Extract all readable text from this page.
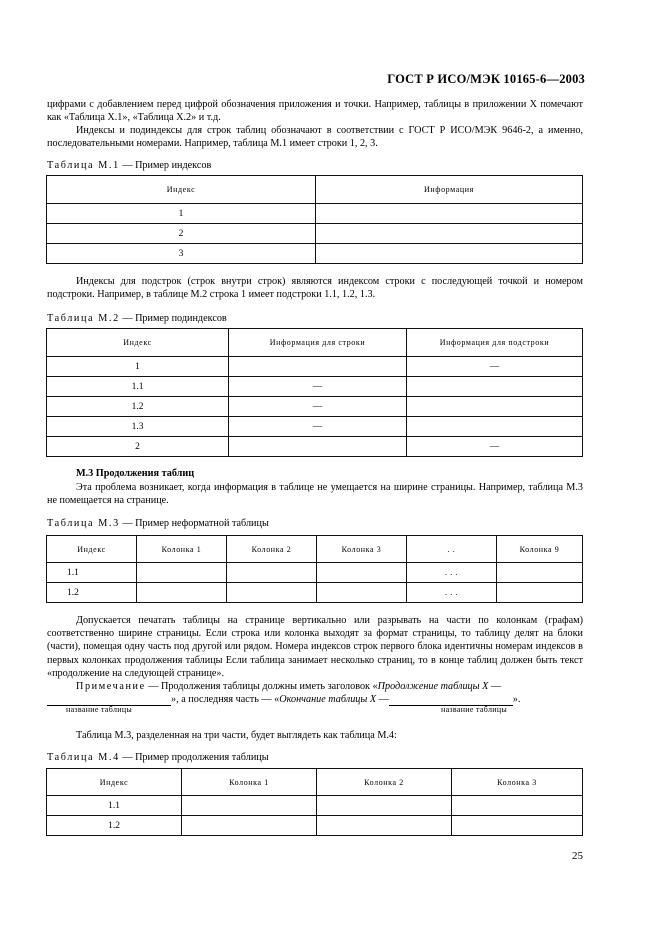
ГОСТ Р ИСО/МЭК 10165-6—2003
цифрами с добавлением перед цифрой обозначения приложения и точки. Например, таблицы в приложении X помечают как «Таблица X.1», «Таблица X.2» и т.д.
Индексы и подиндексы для строк таблиц обозначают в соответствии с ГОСТ Р ИСО/МЭК 9646-2, а именно, последовательными номерами. Например, таблица М.1 имеет строки 1, 2, 3.
Таблица М.1 — Пример индексов
Индекс	Информация
1	
2	
3	
Индексы для подстрок (строк внутри строк) являются индексом строки с последующей точкой и номером подстроки. Например, в таблице М.2 строка 1 имеет подстроки 1.1, 1.2, 1.3.
Таблица М.2 — Пример подиндексов
Индекс	Информация для строки	Информация для подстроки
1		—
1.1	—	
1.2	—	
1.3	—	
2		—
М.3 Продолжения таблиц
Эта проблема возникает, когда информация в таблице не умещается на ширине страницы. Например, таблица М.3 не помещается на странице.
Таблица М.3 — Пример неформатной таблицы
Индекс	Колонка 1	Колонка 2	Колонка 3	. .	Колонка 9
1.1				. . .	
1.2				. . .	
Допускается печатать таблицы на странице вертикально или разрывать на части по колонкам (графам) соответственно ширине страницы. Если строка или колонка выходят за формат страницы, то таблицу делят на блоки (части), помещая одну часть под другой или рядом. Номера индексов строк первого блока идентичны номерам индексов в первых колонках продолжения таблицы Если таблица занимает несколько страниц, то в конце таблиц должен быть текст «продолжение на следующей странице».
Примечание — Продолжения таблицы должны иметь заголовок «Продолжение таблицы X —
», а последняя часть — «Окончание таблицы X —	».
название таблицы	название таблицы
Таблица М.3, разделенная на три части, будет выглядеть как таблица М.4:
Таблица М.4 — Пример продолжения таблицы
Индекс	Колонка 1	Колонка 2	Колонка 3
1.1			
1.2			
25
